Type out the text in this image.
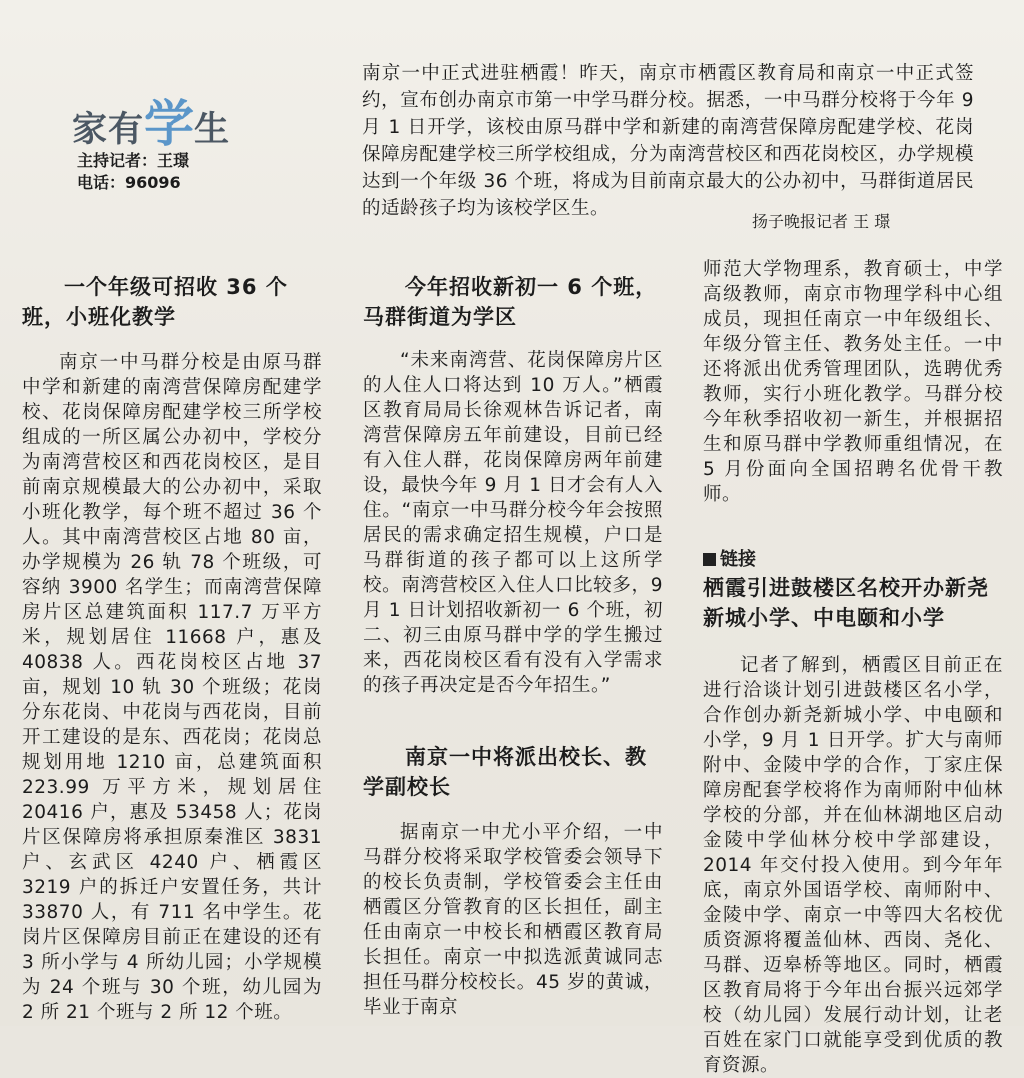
家有学生
主持记者：王璟
电话：96096

南京一中正式进驻栖霞！昨天，南京市栖霞区教育局和南京一中正式签约，宣布创办南京市第一中学马群分校。据悉，一中马群分校将于今年 9 月 1 日开学，该校由原马群中学和新建的南湾营保障房配建学校、花岗保障房配建学校三所学校组成，分为南湾营校区和西花岗校区，办学规模达到一个年级 36 个班，将成为目前南京最大的公办初中，马群街道居民的适龄孩子均为该校学区生。

扬子晚报记者 王 璟
一个年级可招收 36 个班，小班化教学

南京一中马群分校是由原马群中学和新建的南湾营保障房配建学校、花岗保障房配建学校三所学校组成的一所区属公办初中，学校分为南湾营校区和西花岗校区，是目前南京规模最大的公办初中，采取小班化教学，每个班不超过 36 个人。其中南湾营校区占地 80 亩，办学规模为 26 轨 78 个班级，可容纳 3900 名学生；而南湾营保障房片区总建筑面积 117.7 万平方米，规划居住 11668 户，惠及 40838 人。西花岗校区占地 37 亩，规划 10 轨 30 个班级；花岗分东花岗、中花岗与西花岗，目前开工建设的是东、西花岗；花岗总规划用地 1210 亩，总建筑面积 223.99 万平方米，规划居住 20416 户，惠及 53458 人；花岗片区保障房将承担原秦淮区 3831 户、玄武区 4240 户、栖霞区 3219 户的拆迁户安置任务，共计 33870 人，有 711 名中学生。花岗片区保障房目前正在建设的还有 3 所小学与 4 所幼儿园；小学规模为 24 个班与 30 个班，幼儿园为 2 所 21 个班与 2 所 12 个班。

今年招收新初一 6 个班，马群街道为学区

“未来南湾营、花岗保障房片区的人住人口将达到 10 万人。”栖霞区教育局局长徐观林告诉记者，南湾营保障房五年前建设，目前已经有入住人群，花岗保障房两年前建设，最快今年 9 月 1 日才会有人入住。“南京一中马群分校今年会按照居民的需求确定招生规模，户口是马群街道的孩子都可以上这所学校。南湾营校区入住人口比较多，9 月 1 日计划招收新初一 6 个班，初二、初三由原马群中学的学生搬过来，西花岗校区看有没有入学需求的孩子再决定是否今年招生。”

南京一中将派出校长、教学副校长

据南京一中尤小平介绍，一中马群分校将采取学校管委会领导下的校长负责制，学校管委会主任由栖霞区分管教育的区长担任，副主任由南京一中校长和栖霞区教育局长担任。南京一中拟选派黄诚同志担任马群分校校长。45 岁的黄诚，毕业于南京

师范大学物理系，教育硕士，中学高级教师，南京市物理学科中心组成员，现担任南京一中年级组长、年级分管主任、教务处主任。一中还将派出优秀管理团队，选聘优秀教师，实行小班化教学。马群分校今年秋季招收初一新生，并根据招生和原马群中学教师重组情况，在 5 月份面向全国招聘名优骨干教师。

链接
栖霞引进鼓楼区名校开办新尧新城小学、中电颐和小学

记者了解到，栖霞区目前正在进行洽谈计划引进鼓楼区名小学，合作创办新尧新城小学、中电颐和小学，9 月 1 日开学。扩大与南师附中、金陵中学的合作，丁家庄保障房配套学校将作为南师附中仙林学校的分部，并在仙林湖地区启动金陵中学仙林分校中学部建设，2014 年交付投入使用。到今年年底，南京外国语学校、南师附中、金陵中学、南京一中等四大名校优质资源将覆盖仙林、西岗、尧化、马群、迈皋桥等地区。同时，栖霞区教育局将于今年出台振兴远郊学校（幼儿园）发展行动计划，让老百姓在家门口就能享受到优质的教育资源。
